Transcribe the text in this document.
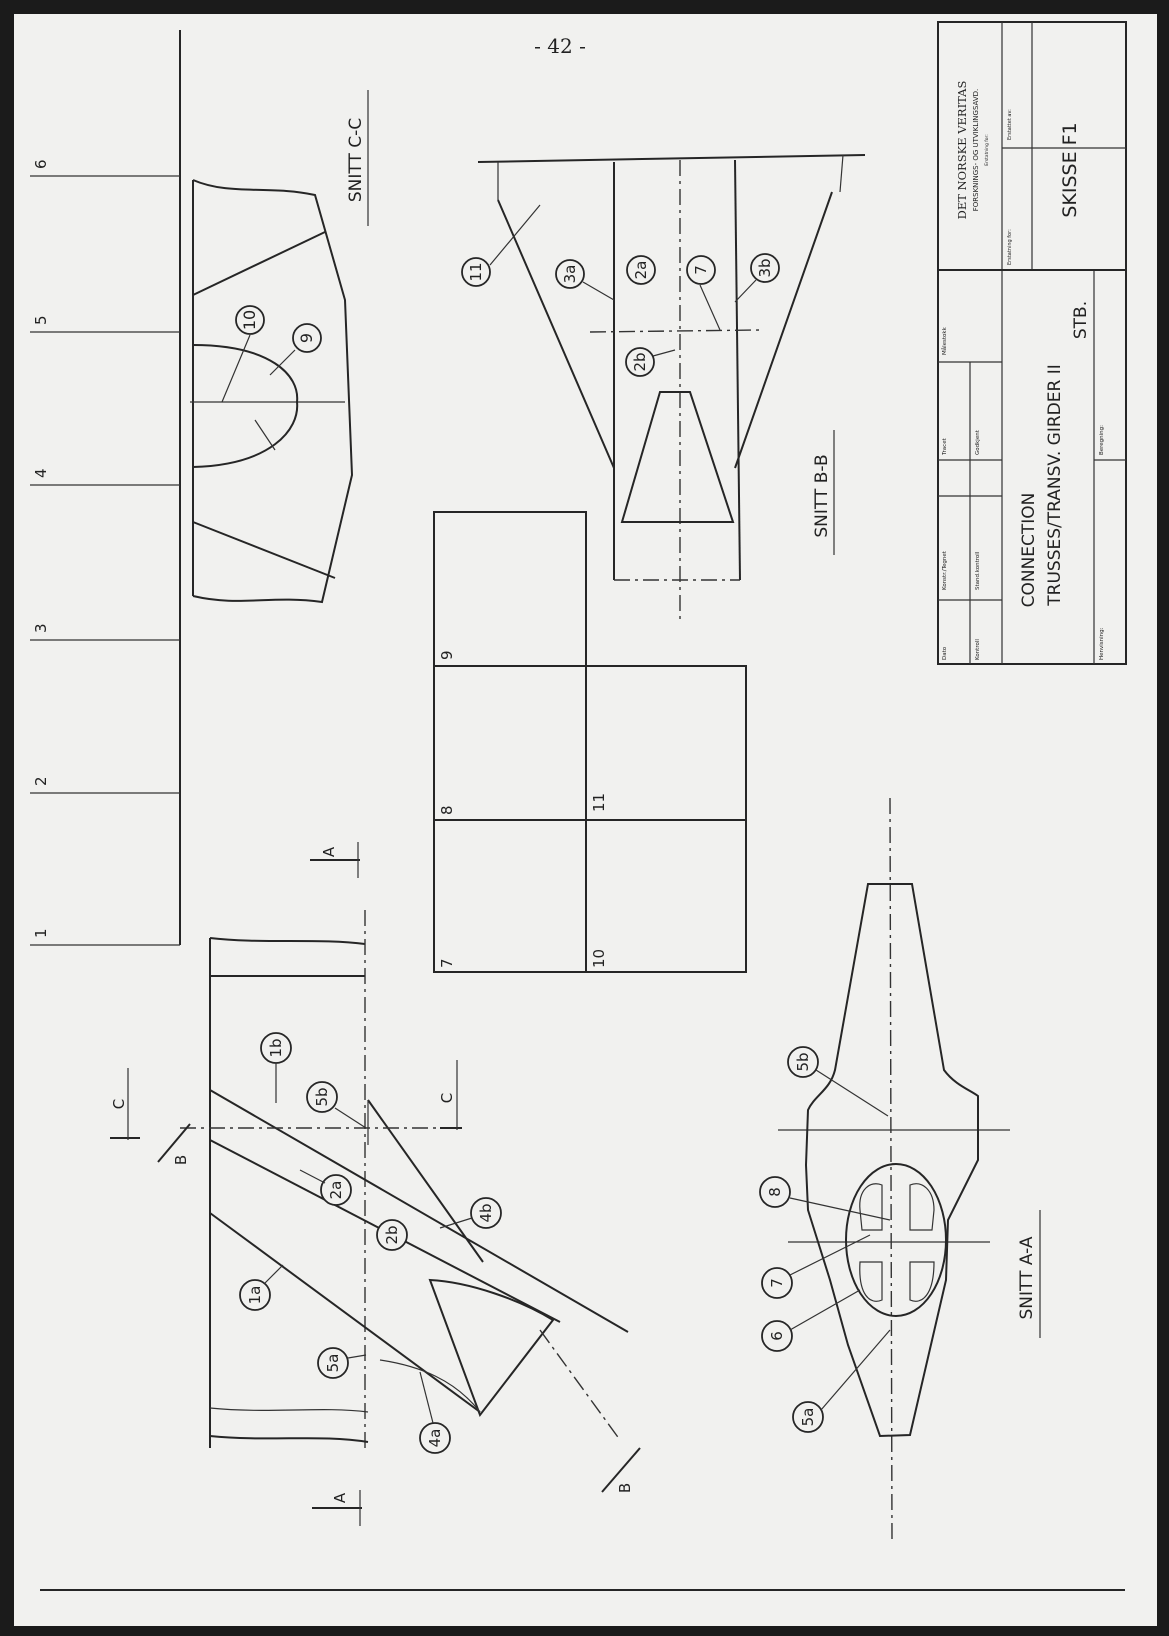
- 42 -
1
2
3
4
5
6
10
9
SNITT C-C
11	3a	2a	7	3b
2b
SNITT B-B
7
8
9
10
11
1b
5b
2a
4b
2b
1a
5a
4a
A
A
C
C
B
B
5b
8
7
6
5a
SNITT A-A
DET NORSKE VERITAS FORSKNINGS- OG UTVIKLINGSAVD. Erstatning for:
Erstattet av:
Erstatning for:
SKISSE F1
Målestokk
Tracet
Konstr./Tegnet
Dato
Godkjent
Stand.kontroll
Kontroll
CONNECTION TRUSSES/TRANSV. GIRDER II
STB.
Henvisning:
Beregning:
